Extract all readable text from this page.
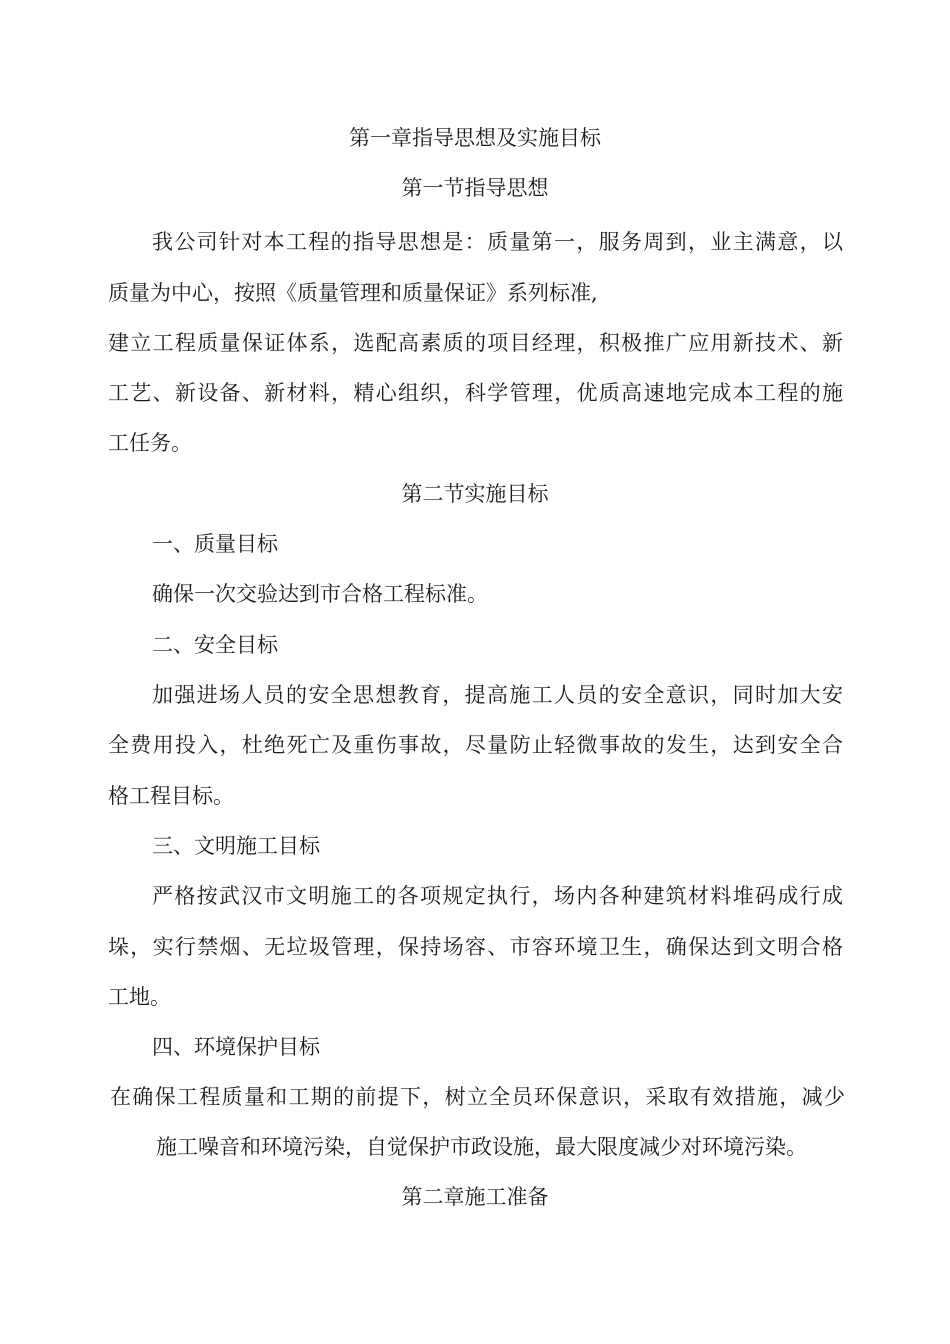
第一章指导思想及实施目标
第一节指导思想
我公司针对本工程的指导思想是：质量第一，服务周到，业主满意，以
质量为中心，按照《质量管理和质量保证》系列标准,
建立工程质量保证体系，选配高素质的项目经理，积极推广应用新技术、新
工艺、新设备、新材料，精心组织，科学管理，优质高速地完成本工程的施
工任务。
第二节实施目标
一、质量目标
确保一次交验达到市合格工程标准。
二、安全目标
加强进场人员的安全思想教育，提高施工人员的安全意识，同时加大安
全费用投入，杜绝死亡及重伤事故，尽量防止轻微事故的发生，达到安全合
格工程目标。
三、文明施工目标
严格按武汉市文明施工的各项规定执行，场内各种建筑材料堆码成行成
垛，实行禁烟、无垃圾管理，保持场容、市容环境卫生，确保达到文明合格
工地。
四、环境保护目标
在确保工程质量和工期的前提下，树立全员环保意识，采取有效措施，减少
施工噪音和环境污染，自觉保护市政设施，最大限度减少对环境污染。
第二章施工准备
